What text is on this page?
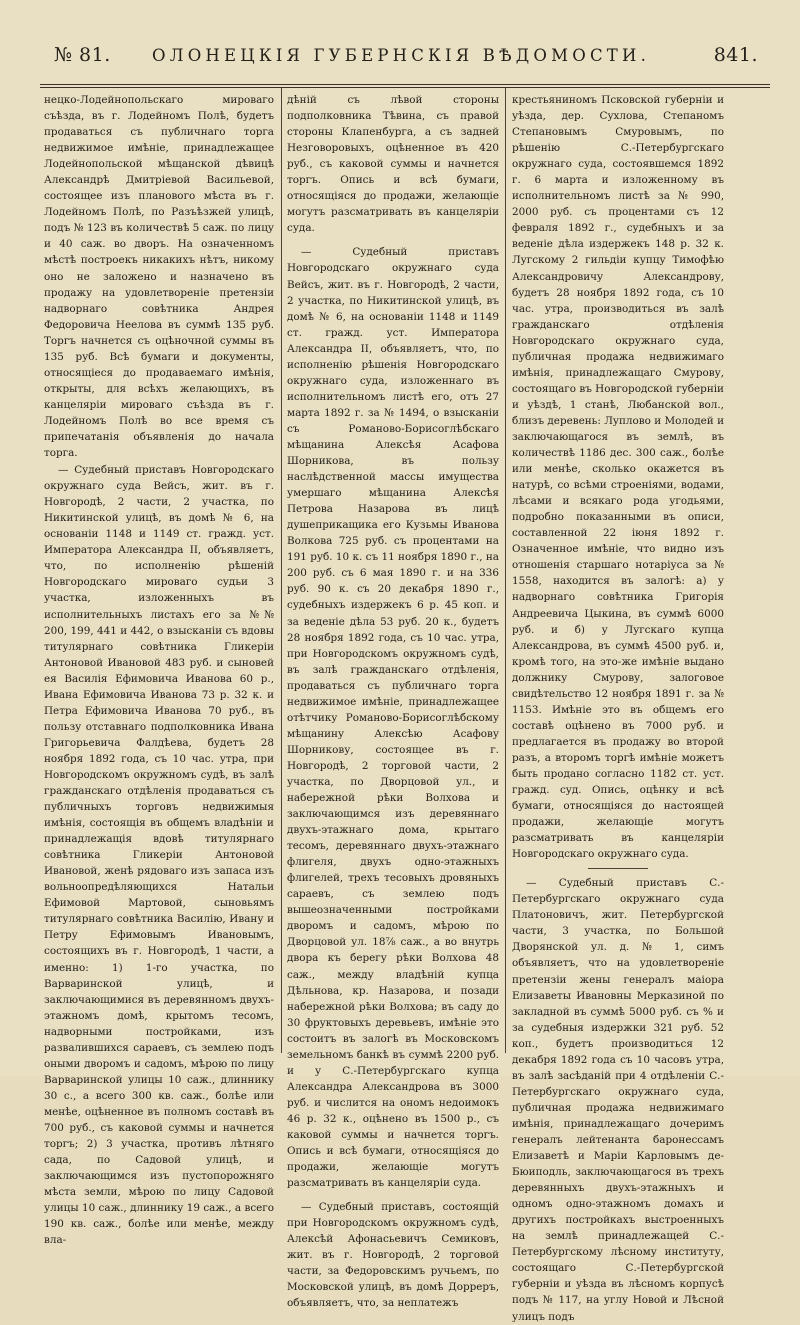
№ 81.	ОЛОНЕЦКІЯ ГУБЕРНСКІЯ ВѢДОМОСТИ.	841.

нецко-Лодейнопольскаго мироваго съѣзда, въ г. Лодейномъ Полѣ, будетъ продаваться съ публичнаго торга недвижимое имѣніе, принадлежащее Лодейнопольской мѣщанской дѣвицѣ Александрѣ Дмитріевой Васильевой, состоящее изъ планового мѣста въ г. Лодейномъ Полѣ, по Разъѣзжей улицѣ, подъ № 123 въ количествѣ 5 саж. по лицу и 40 саж. во дворъ. На означенномъ мѣстѣ построекъ никакихъ нѣтъ, никому оно не заложено и назначено въ продажу на удовлетвореніе претензіи надворнаго совѣтника Андрея Федоровича Неелова въ суммѣ 135 руб. Торгъ начнется съ оцѣночной суммы въ 135 руб. Всѣ бумаги и документы, относящіеся до продаваемаго имѣнія, открыты, для всѣхъ желающихъ, въ канцеляріи мироваго съѣзда въ г. Лодейномъ Полѣ во все время съ припечатанія объявленія до начала торга.

— Судебный приставъ Новгородскаго окружнаго суда Вейсъ, жит. въ г. Новгородѣ, 2 части, 2 участка, по Никитинской улицѣ, въ домѣ № 6, на основаніи 1148 и 1149 ст. гражд. уст. Императора Александра II, объявляетъ, что, по исполненію рѣшеній Новгородскаго мироваго судьи 3 участка, изложенныхъ въ исполнительныхъ листахъ его за №№ 200, 199, 441 и 442, о взысканіи съ вдовы титулярнаго совѣтника Гликеріи Антоновой Ивановой 483 руб. и сыновей ея Василія Ефимовича Иванова 60 р., Ивана Ефимовича Иванова 73 р. 32 к. и Петра Ефимовича Иванова 70 руб., въ пользу отставнаго подполковника Ивана Григорьевича Фалдѣева, будетъ 28 ноября 1892 года, съ 10 час. утра, при Новгородскомъ окружномъ судѣ, въ залѣ гражданскаго отдѣленія продаваться съ публичныхъ торговъ недвижимыя имѣнія, состоящія въ общемъ владѣніи и принадлежащія вдовѣ титулярнаго совѣтника Гликеріи Антоновой Ивановой, женѣ рядоваго изъ запаса изъ вольноопредѣляющихся Натальи Ефимовой Мартовой, сыновьямъ титулярнаго совѣтника Василію, Ивану и Петру Ефимовымъ Ивановымъ, состоящихъ въ г. Новгородѣ, 1 части, а именно: 1) 1-го участка, по Варваринской улицѣ, и заключающимися въ деревянномъ двухъ-этажномъ домѣ, крытомъ тесомъ, надворными постройками, изъ развалившихся сараевъ, съ землею подъ оными дворомъ и садомъ, мѣрою по лицу Варваринской улицы 10 саж., длиннику 30 с., а всего 300 кв. саж., болѣе или менѣе, оцѣненное въ полномъ составѣ въ 700 руб., съ каковой суммы и начнется торгъ; 2) 3 участка, противъ лѣтняго сада, по Садовой улицѣ, и заключающимся изъ пустопорожняго мѣста земли, мѣрою по лицу Садовой улицы 10 саж., длиннику 19 саж., а всего 190 кв. саж., болѣе или менѣе, между вла-

дѣній съ лѣвой стороны подполковника Тѣвина, съ правой стороны Клапенбурга, а съ задней Незговоровыхъ, оцѣненное въ 420 руб., съ каковой суммы и начнется торгъ. Опись и всѣ бумаги, относящіяся до продажи, желающіе могутъ разсматривать въ канцеляріи суда.

— Судебный приставъ Новгородскаго окружнаго суда Вейсъ, жит. въ г. Новгородѣ, 2 части, 2 участка, по Никитинской улицѣ, въ домѣ № 6, на основаніи 1148 и 1149 ст. гражд. уст. Императора Александра II, объявляетъ, что, по исполненію рѣшенія Новгородскаго окружнаго суда, изложеннаго въ исполнительномъ листѣ его, отъ 27 марта 1892 г. за № 1494, о взысканіи съ Романово-Борисоглѣбскаго мѣщанина Алексѣя Асафова Шорникова, въ пользу наслѣдственной массы имущества умершаго мѣщанина Алексѣя Петрова Назарова въ лицѣ душеприкащика его Кузьмы Иванова Волкова 725 руб. съ процентами на 191 руб. 10 к. съ 11 ноября 1890 г., на 200 руб. съ 6 мая 1890 г. и на 336 руб. 90 к. съ 20 декабря 1890 г., судебныхъ издержекъ 6 р. 45 коп. и за веденіе дѣла 53 руб. 20 к., будетъ 28 ноября 1892 года, съ 10 час. утра, при Новгородскомъ окружномъ судѣ, въ залѣ гражданскаго отдѣленія, продаваться съ публичнаго торга недвижимое имѣніе, принадлежащее отѣтчику Романово-Борисоглѣбскому мѣщанину Алексѣю Асафову Шорникову, состоящее въ г. Новгородѣ, 2 торговой части, 2 участка, по Дворцовой ул., и набережной рѣки Волхова и заключающимся изъ деревяннаго двухъ-этажнаго дома, крытаго тесомъ, деревяннаго двухъ-этажнаго флигеля, двухъ одно-этажныхъ флигелей, трехъ тесовыхъ дровяныхъ сараевъ, съ землею подъ вышеозначенными постройками дворомъ и садомъ, мѣрою по Дворцовой ул. 18⅞ саж., а во внутрь двора къ берегу рѣки Волхова 48 саж., между владѣній купца Дѣльнова, кр. Назарова, и позади набережной рѣки Волхова; въ саду до 30 фруктовыхъ деревьевъ, имѣніе это состоитъ въ залогѣ въ Московскомъ земельномъ банкѣ въ суммѣ 2200 руб. и у С.-Петербургскаго купца Александра Александрова въ 3000 руб. и числится на ономъ недоимокъ 46 р. 32 к., оцѣнено въ 1500 р., съ каковой суммы и начнется торгъ. Опись и всѣ бумаги, относящіяся до продажи, желающіе могутъ разсматривать въ канцеляріи суда.

— Судебный приставъ, состоящій при Новгородскомъ окружномъ судѣ, Алексѣй Афонасьевичъ Семиковъ, жит. въ г. Новгородѣ, 2 торговой части, за Федоровскимъ ручьемъ, по Московской улицѣ, въ домѣ Дорреръ, объявляетъ, что, за неплатежъ

крестьяниномъ Псковской губерніи и уѣзда, дер. Сухлова, Степаномъ Степановымъ Смуровымъ, по рѣшенію С.-Петербургскаго окружнаго суда, состоявшемся 1892 г. 6 марта и изложенному въ исполнительномъ листѣ за № 990, 2000 руб. съ процентами съ 12 февраля 1892 г., судебныхъ и за веденіе дѣла издержекъ 148 р. 32 к. Лугскому 2 гильдіи купцу Тимофѣю Александровичу Александрову, будетъ 28 ноября 1892 года, съ 10 час. утра, производиться въ залѣ гражданскаго отдѣленія Новгородскаго окружнаго суда, публичная продажа недвижимаго имѣнія, принадлежащаго Смурову, состоящаго въ Новгородской губерніи и уѣздѣ, 1 станѣ, Любанской вол., близъ деревень: Луплово и Молодей и заключающагося въ землѣ, въ количествѣ 1186 дес. 300 саж., болѣе или менѣе, сколько окажется въ натурѣ, со всѣми строеніями, водами, лѣсами и всякаго рода угодьями, подробно показанными въ описи, составленной 22 іюня 1892 г. Означенное имѣніе, что видно изъ отношенія старшаго нотаріуса за № 1558, находится въ залогѣ: а) у надворнаго совѣтника Григорія Андреевича Цыкина, въ суммѣ 6000 руб. и б) у Лугскаго купца Александрова, въ суммѣ 4500 руб. и, кромѣ того, на это-же имѣніе выдано должнику Смурову, залоговое свидѣтельство 12 ноября 1891 г. за № 1153. Имѣніе это въ общемъ его составѣ оцѣнено въ 7000 руб. и предлагается въ продажу во второй разъ, а второмъ торгѣ имѣніе можетъ быть продано согласно 1182 ст. уст. гражд. суд. Опись, оцѣнку и всѣ бумаги, относящіяся до настоящей продажи, желающіе могутъ разсматривать въ канцеляріи Новгородскаго окружнаго суда.

— Судебный приставъ С.-Петербургскаго окружнаго суда Платоновичъ, жит. Петербургской части, 3 участка, по Большой Дворянской ул. д. № 1, симъ объявляетъ, что на удовлетвореніе претензіи жены генералъ маіора Елизаветы Ивановны Мерказиной по закладной въ суммѣ 5000 руб. съ % и за судебныя издержки 321 руб. 52 коп., будетъ производиться 12 декабря 1892 года съ 10 часовъ утра, въ залѣ засѣданій при 4 отдѣленіи С.-Петербургскаго окружнаго суда, публичная продажа недвижимаго имѣнія, принадлежащаго дочеримъ генералъ лейтенанта баронессамъ Елизаветѣ и Маріи Карловымъ де-Бюиподль, заключающагося въ трехъ деревянныхъ двухъ-этажныхъ и одномъ одно-этажномъ домахъ и другихъ постройкахъ выстроенныхъ на землѣ принадлежащей С.-Петербургскому лѣсному институту, состоящаго С.-Петербургской губерніи и уѣзда въ лѣсномъ корпусѣ подъ № 117, на углу Новой и Лѣсной улицъ подъ
